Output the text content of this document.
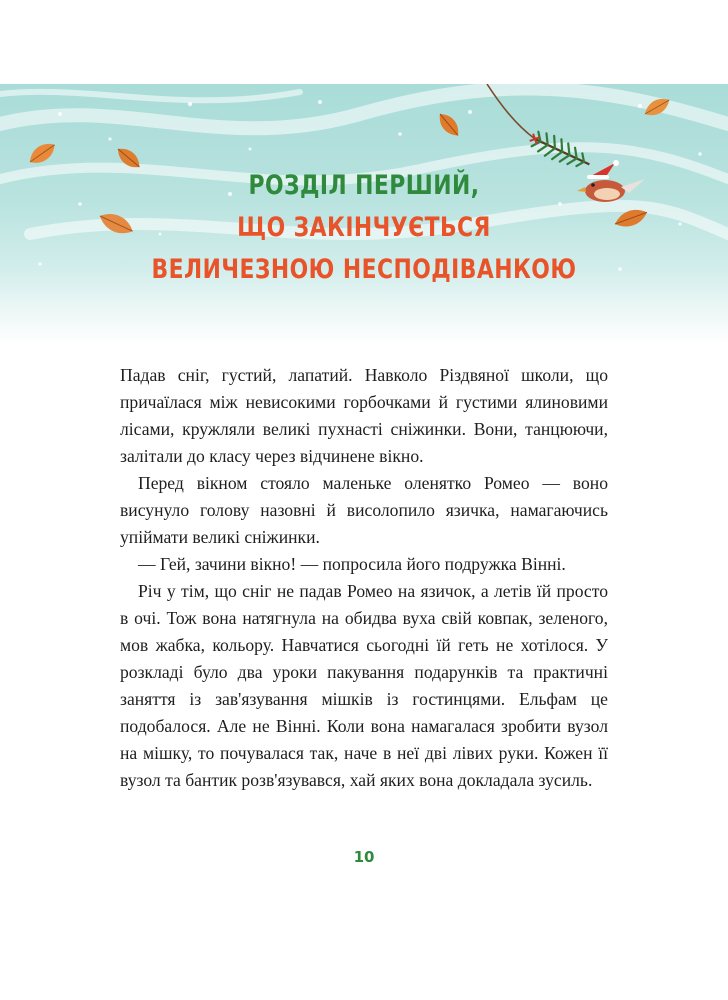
РОЗДІЛ ПЕРШИЙ,
ЩО ЗАКІНЧУЄТЬСЯ
ВЕЛИЧЕЗНОЮ НЕСПОДІВАНКОЮ

Падав сніг, густий, лапатий. Навколо Різдвяної школи, що причаїлася між невисокими горбочками й густими ялиновими лісами, кружляли великі пухнасті сніжинки. Вони, танцюючи, залітали до класу через відчинене вікно.

Перед вікном стояло маленьке оленятко Ромео — воно висунуло голову назовні й висолопило язичка, намагаючись упіймати великі сніжинки.

— Гей, зачини вікно! — попросила його подружка Вінні.

Річ у тім, що сніг не падав Ромео на язичок, а летів їй просто в очі. Тож вона натягнула на обидва вуха свій ковпак, зеленого, мов жабка, кольору. Навчатися сьогодні їй геть не хотілося. У розкладі було два уроки пакування подарунків та практичні заняття із зав'язування мішків із гостинцями. Ельфам це подобалося. Але не Вінні. Коли вона намагалася зробити вузол на мішку, то почувалася так, наче в неї дві лівих руки. Кожен її вузол та бантик розв'язувався, хай яких вона докладала зусиль.

10
